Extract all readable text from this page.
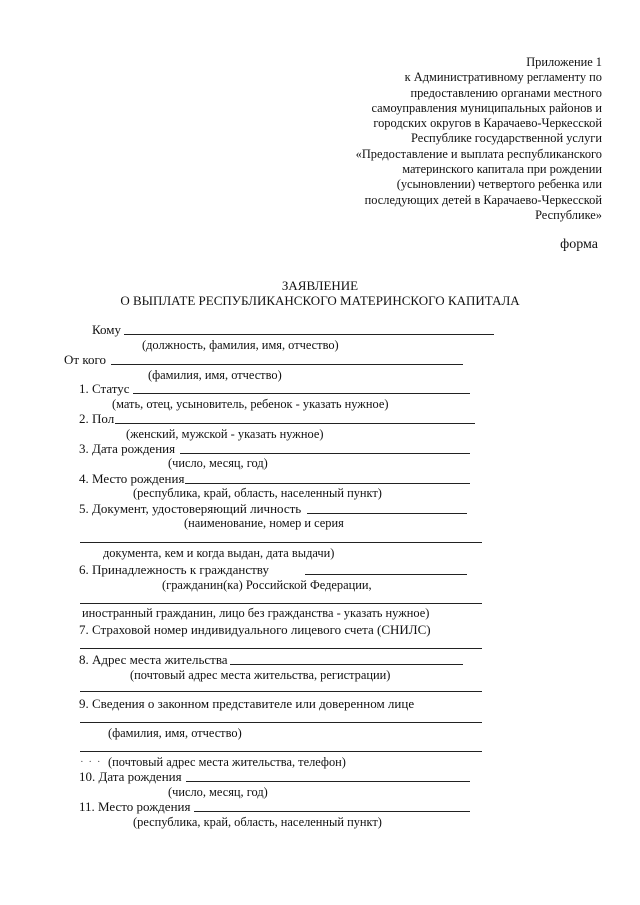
Приложение 1
к Административному регламенту по
предоставлению органами местного
самоуправления муниципальных районов и
городских округов в Карачаево-Черкесской
Республике государственной услуги
«Предоставление и выплата республиканского
материнского капитала при рождении
(усыновлении) четвертого ребенка или
последующих детей в Карачаево-Черкесской
Республике»
форма
ЗАЯВЛЕНИЕ
О ВЫПЛАТЕ РЕСПУБЛИКАНСКОГО МАТЕРИНСКОГО КАПИТАЛА
Кому
(должность, фамилия, имя, отчество)
От кого
(фамилия, имя, отчество)
1. Статус
(мать, отец, усыновитель, ребенок - указать нужное)
2. Пол
(женский, мужской - указать нужное)
3. Дата рождения
(число, месяц, год)
4. Место рождения
(республика, край, область, населенный пункт)
5. Документ, удостоверяющий личность
(наименование, номер и серия
документа, кем и когда выдан, дата выдачи)
6. Принадлежность к гражданству
(гражданин(ка) Российской Федерации,
иностранный гражданин, лицо без гражданства - указать нужное)
7. Страховой номер индивидуального лицевого счета (СНИЛС)
8. Адрес места жительства
(почтовый адрес места жительства, регистрации)
9. Сведения о законном представителе или доверенном лице
(фамилия, имя, отчество)
· · · (почтовый адрес места жительства, телефон)
10. Дата рождения
(число, месяц, год)
11. Место рождения
(республика, край, область, населенный пункт)
